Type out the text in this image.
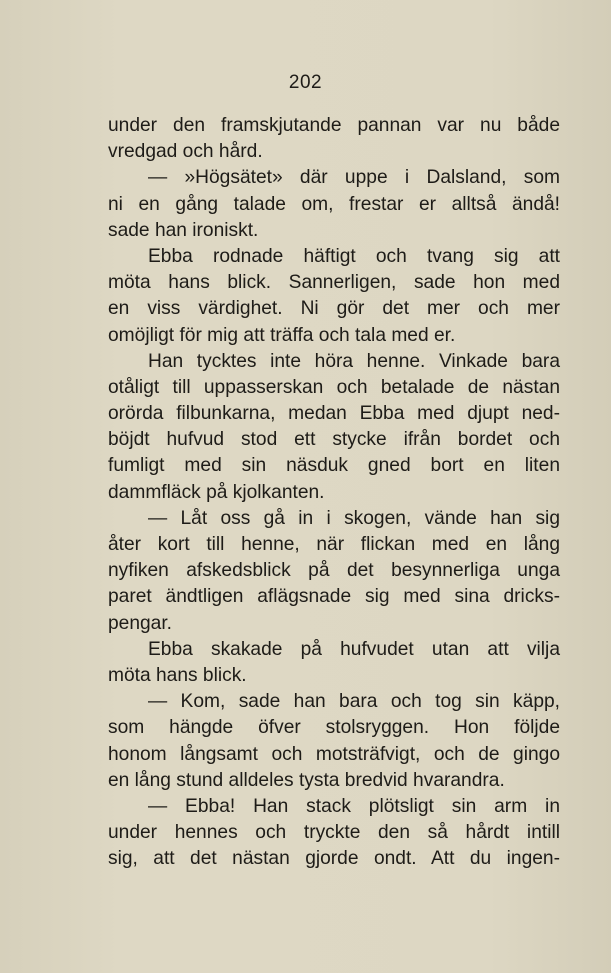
202
under den framskjutande pannan var nu både
vredgad och hård.
— »Högsätet» där uppe i Dalsland, som
ni en gång talade om, frestar er alltså ändå!
sade han ironiskt.
Ebba rodnade häftigt och tvang sig att
möta hans blick. Sannerligen, sade hon med
en viss värdighet. Ni gör det mer och mer
omöjligt för mig att träffa och tala med er.
Han tycktes inte höra henne. Vinkade bara
otåligt till uppasserskan och betalade de nästan
orörda filbunkarna, medan Ebba med djupt ned-
böjdt hufvud stod ett stycke ifrån bordet och
fumligt med sin näsduk gned bort en liten
dammfläck på kjolkanten.
— Låt oss gå in i skogen, vände han sig
åter kort till henne, när flickan med en lång
nyfiken afskedsblick på det besynnerliga unga
paret ändtligen aflägsnade sig med sina dricks-
pengar.
Ebba skakade på hufvudet utan att vilja
möta hans blick.
— Kom, sade han bara och tog sin käpp,
som hängde öfver stolsryggen. Hon följde
honom långsamt och motsträfvigt, och de gingo
en lång stund alldeles tysta bredvid hvarandra.
— Ebba! Han stack plötsligt sin arm in
under hennes och tryckte den så hårdt intill
sig, att det nästan gjorde ondt. Att du ingen-
